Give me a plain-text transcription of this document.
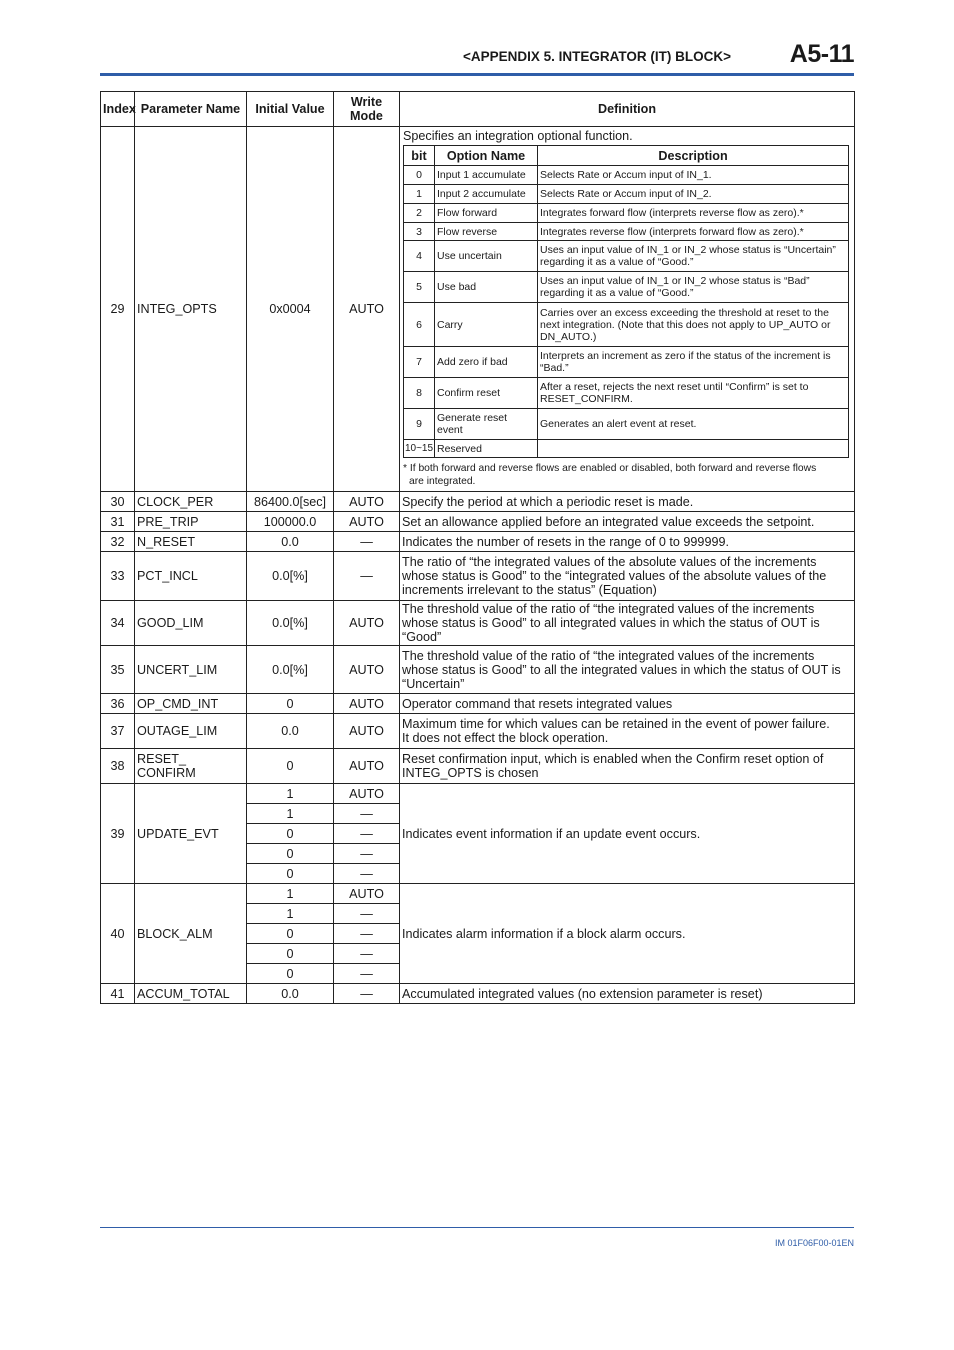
<APPENDIX 5. INTEGRATOR (IT) BLOCK> A5-11
Index	Parameter Name	Initial Value	Write Mode	Definition
29	INTEG_OPTS	0x0004	AUTO	
Specifies an integration optional function.
bit	Option Name	Description
0	Input 1 accumulate	Selects Rate or Accum input of IN_1.
1	Input 2 accumulate	Selects Rate or Accum input of IN_2.
2	Flow forward	Integrates forward flow (interprets reverse flow as zero).*
3	Flow reverse	Integrates reverse flow (interprets forward flow as zero).*
4	Use uncertain	Uses an input value of IN_1 or IN_2 whose status is “Uncertain” regarding it as a value of “Good.”
5	Use bad	Uses an input value of IN_1 or IN_2 whose status is “Bad” regarding it as a value of “Good.”
6	Carry	Carries over an excess exceeding the threshold at reset to the next integration. (Note that this does not apply to UP_AUTO or DN_AUTO.)
7	Add zero if bad	Interprets an increment as zero if the status of the increment is “Bad.”
8	Confirm reset	After a reset, rejects the next reset until “Confirm” is set to RESET_CONFIRM.
9	Generate reset event	Generates an alert event at reset.
10~15	Reserved	
* If both forward and reverse flows are enabled or disabled, both forward and reverse flows
are integrated.

30	CLOCK_PER	86400.0[sec]	AUTO	Specify the period at which a periodic reset is made.
31	PRE_TRIP	100000.0	AUTO	Set an allowance applied before an integrated value exceeds the setpoint.
32	N_RESET	0.0	—	Indicates the number of resets in the range of 0 to 999999.
33	PCT_INCL	0.0[%]	—	The ratio of “the integrated values of the absolute values of the increments whose status is Good” to the “integrated values of the absolute values of the increments irrelevant to the status” (Equation)
34	GOOD_LIM	0.0[%]	AUTO	The threshold value of the ratio of “the integrated values of the increments whose status is Good” to all integrated values in which the status of OUT is “Good”
35	UNCERT_LIM	0.0[%]	AUTO	The threshold value of the ratio of “the integrated values of the increments whose status is Good” to all the integrated values in which the status of OUT is “Uncertain”
36	OP_CMD_INT	0	AUTO	Operator command that resets integrated values
37	OUTAGE_LIM	0.0	AUTO	Maximum time for which values can be retained in the event of power failure.
It does not effect the block operation.

38	RESET_
CONFIRM	0	AUTO	Reset confirmation input, which is enabled when the Confirm reset option of INTEG_OPTS is chosen
39	UPDATE_EVT	1	AUTO	Indicates event information if an update event occurs.
1	—
0	—
0	—
0	—
40	BLOCK_ALM	1	AUTO	Indicates alarm information if a block alarm occurs.
1	—
0	—
0	—
0	—
41	ACCUM_TOTAL	0.0	—	Accumulated integrated values (no extension parameter is reset)
IM 01F06F00-01EN
